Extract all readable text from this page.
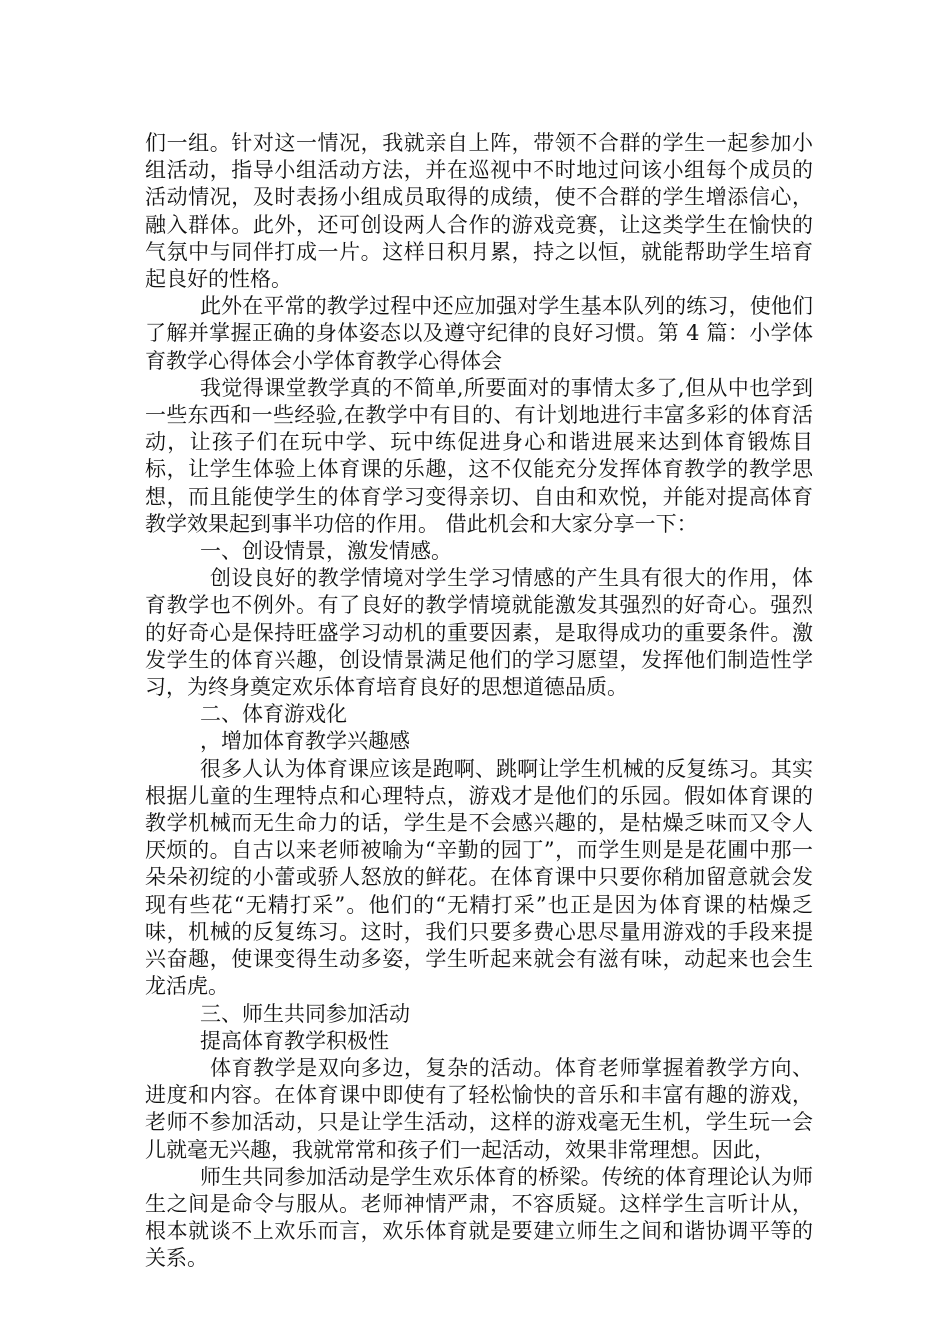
们一组。针对这一情况，我就亲自上阵，带领不合群的学生一起参加小组活动，指导小组活动方法，并在巡视中不时地过问该小组每个成员的活动情况，及时表扬小组成员取得的成绩，使不合群的学生增添信心，融入群体。此外，还可创设两人合作的游戏竞赛，让这类学生在愉快的气氛中与同伴打成一片。这样日积月累，持之以恒，就能帮助学生培育起良好的性格。

此外在平常的教学过程中还应加强对学生基本队列的练习，使他们了解并掌握正确的身体姿态以及遵守纪律的良好习惯。第 4 篇：小学体育教学心得体会小学体育教学心得体会

我觉得课堂教学真的不简单,所要面对的事情太多了,但从中也学到一些东西和一些经验,在教学中有目的、有计划地进行丰富多彩的体育活动，让孩子们在玩中学、玩中练促进身心和谐进展来达到体育锻炼目标，让学生体验上体育课的乐趣，这不仅能充分发挥体育教学的教学思想，而且能使学生的体育学习变得亲切、自由和欢悦，并能对提高体育教学效果起到事半功倍的作用。 借此机会和大家分享一下：

一、创设情景，激发情感。

创设良好的教学情境对学生学习情感的产生具有很大的作用，体育教学也不例外。有了良好的教学情境就能激发其强烈的好奇心。强烈的好奇心是保持旺盛学习动机的重要因素，是取得成功的重要条件。激发学生的体育兴趣，创设情景满足他们的学习愿望，发挥他们制造性学习，为终身奠定欢乐体育培育良好的思想道德品质。

二、体育游戏化

，增加体育教学兴趣感

很多人认为体育课应该是跑啊、跳啊让学生机械的反复练习。其实根据儿童的生理特点和心理特点，游戏才是他们的乐园。假如体育课的教学机械而无生命力的话，学生是不会感兴趣的，是枯燥乏味而又令人厌烦的。自古以来老师被喻为“辛勤的园丁”，而学生则是是花圃中那一朵朵初绽的小蕾或骄人怒放的鲜花。在体育课中只要你稍加留意就会发现有些花“无精打采”。他们的“无精打采”也正是因为体育课的枯燥乏味，机械的反复练习。这时，我们只要多费心思尽量用游戏的手段来提兴奋趣，使课变得生动多姿，学生听起来就会有滋有味，动起来也会生龙活虎。

三、师生共同参加活动

提高体育教学积极性

体育教学是双向多边，复杂的活动。体育老师掌握着教学方向、进度和内容。在体育课中即使有了轻松愉快的音乐和丰富有趣的游戏，老师不参加活动，只是让学生活动，这样的游戏毫无生机，学生玩一会儿就毫无兴趣，我就常常和孩子们一起活动，效果非常理想。因此，

师生共同参加活动是学生欢乐体育的桥梁。传统的体育理论认为师生之间是命令与服从。老师神情严肃，不容质疑。这样学生言听计从，根本就谈不上欢乐而言，欢乐体育就是要建立师生之间和谐协调平等的关系。
